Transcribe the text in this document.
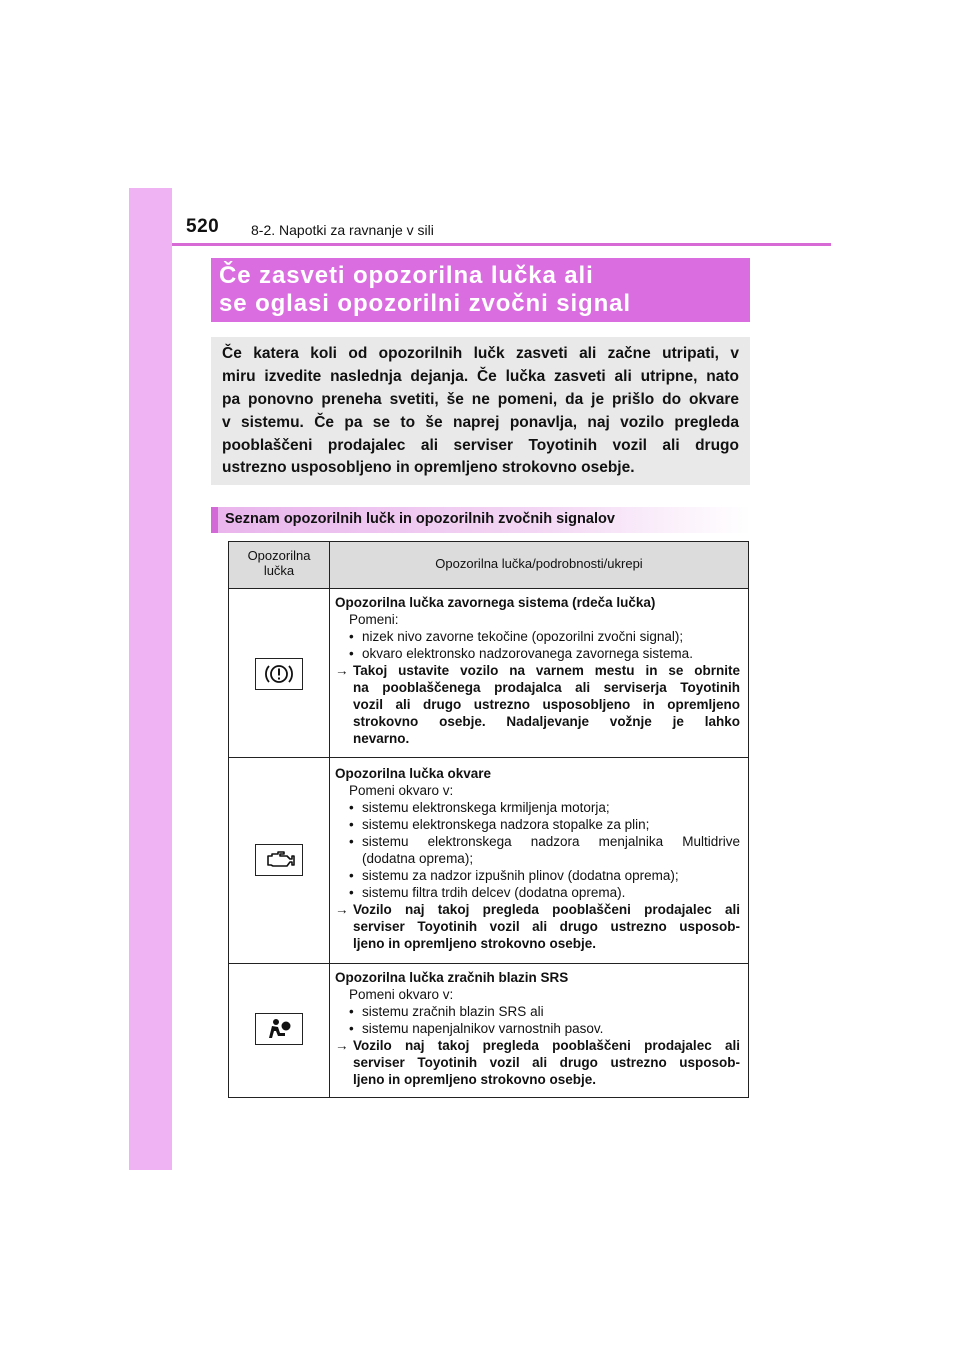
520 8-2. Napotki za ravnanje v sili
Če zasveti opozorilna lučka ali
se oglasi opozorilni zvočni signal
Če katera koli od opozorilnih lučk zasveti ali začne utripati, v
miru izvedite naslednja dejanja. Če lučka zasveti ali utripne, nato
pa ponovno preneha svetiti, še ne pomeni, da je prišlo do okvare
v sistemu. Če pa se to še naprej ponavlja, naj vozilo pregleda
pooblaščeni prodajalec ali serviser Toyotinih vozil ali drugo
ustrezno usposobljeno in opremljeno strokovno osebje.
Seznam opozorilnih lučk in opozorilnih zvočnih signalov
Opozorilna
lučka	Opozorilna lučka/podrobnosti/ukrepi
Opozorilna lučka zavornega sistema (rdeča lučka)
Pomeni:
• nizek nivo zavorne tekočine (opozorilni zvočni signal);
• okvaro elektronsko nadzorovanega zavornega sistema.
→ Takoj ustavite vozilo na varnem mestu in se obrnite
na pooblaščenega prodajalca ali serviserja Toyotinih
vozil ali drugo ustrezno usposobljeno in opremljeno
strokovno osebje. Nadaljevanje vožnje je lahko
nevarno.
Opozorilna lučka okvare
Pomeni okvaro v:
• sistemu elektronskega krmiljenja motorja;
• sistemu elektronskega nadzora stopalke za plin;
• sistemu elektronskega nadzora menjalnika Multidrive
(dodatna oprema);
• sistemu za nadzor izpušnih plinov (dodatna oprema);
• sistemu filtra trdih delcev (dodatna oprema).
→ Vozilo naj takoj pregleda pooblaščeni prodajalec ali
serviser Toyotinih vozil ali drugo ustrezno usposob-
ljeno in opremljeno strokovno osebje.
Opozorilna lučka zračnih blazin SRS
Pomeni okvaro v:
• sistemu zračnih blazin SRS ali
• sistemu napenjalnikov varnostnih pasov.
→ Vozilo naj takoj pregleda pooblaščeni prodajalec ali
serviser Toyotinih vozil ali drugo ustrezno usposob-
ljeno in opremljeno strokovno osebje.
